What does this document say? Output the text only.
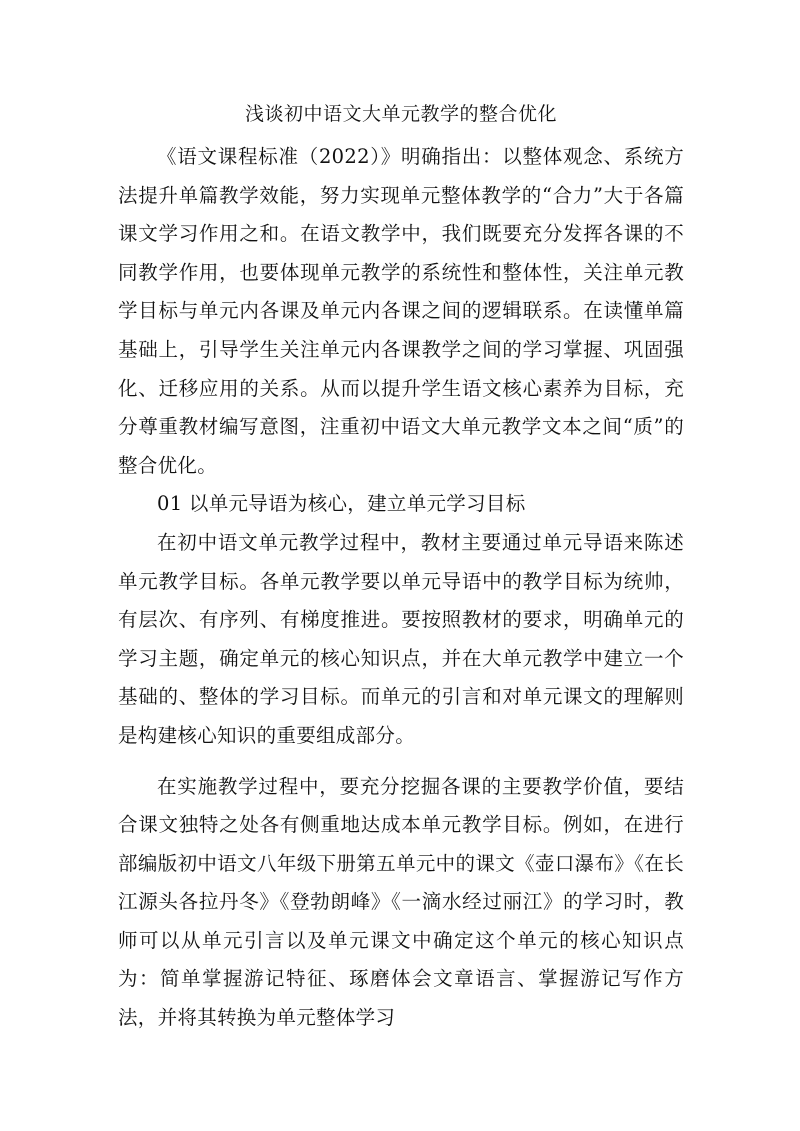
浅谈初中语文大单元教学的整合优化

《语文课程标准（2022）》明确指出：以整体观念、系统方法提升单篇教学效能，努力实现单元整体教学的“合力”大于各篇课文学习作用之和。在语文教学中，我们既要充分发挥各课的不同教学作用，也要体现单元教学的系统性和整体性，关注单元教学目标与单元内各课及单元内各课之间的逻辑联系。在读懂单篇基础上，引导学生关注单元内各课教学之间的学习掌握、巩固强化、迁移应用的关系。从而以提升学生语文核心素养为目标，充分尊重教材编写意图，注重初中语文大单元教学文本之间“质”的整合优化。

01 以单元导语为核心，建立单元学习目标

在初中语文单元教学过程中，教材主要通过单元导语来陈述单元教学目标。各单元教学要以单元导语中的教学目标为统帅，有层次、有序列、有梯度推进。要按照教材的要求，明确单元的学习主题，确定单元的核心知识点，并在大单元教学中建立一个基础的、整体的学习目标。而单元的引言和对单元课文的理解则是构建核心知识的重要组成部分。

在实施教学过程中，要充分挖掘各课的主要教学价值，要结合课文独特之处各有侧重地达成本单元教学目标。例如，在进行部编版初中语文八年级下册第五单元中的课文《壶口瀑布》《在长江源头各拉丹冬》《登勃朗峰》《一滴水经过丽江》的学习时，教师可以从单元引言以及单元课文中确定这个单元的核心知识点为：简单掌握游记特征、琢磨体会文章语言、掌握游记写作方法，并将其转换为单元整体学习
